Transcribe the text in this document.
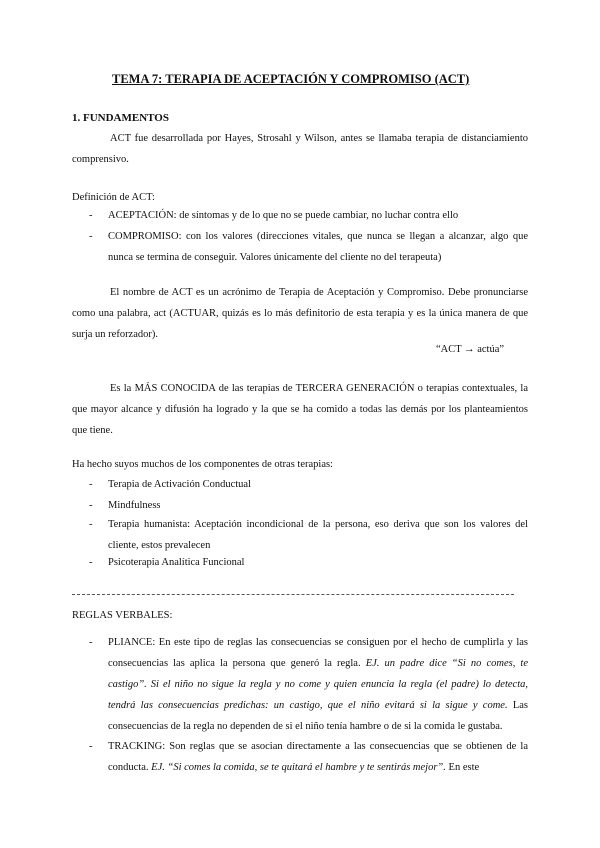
TEMA 7: TERAPIA DE ACEPTACIÓN Y COMPROMISO (ACT)
1. FUNDAMENTOS
ACT fue desarrollada por Hayes, Strosahl y Wilson, antes se llamaba terapia de distanciamiento comprensivo.
Definición de ACT:
- ACEPTACIÓN: de síntomas y de lo que no se puede cambiar, no luchar contra ello
- COMPROMISO: con los valores (direcciones vitales, que nunca se llegan a alcanzar, algo que nunca se termina de conseguir. Valores únicamente del cliente no del terapeuta)
El nombre de ACT es un acrónimo de Terapia de Aceptación y Compromiso. Debe pronunciarse como una palabra, act (ACTUAR, quizás es lo más definitorio de esta terapia y es la única manera de que surja un reforzador).
“ACT → actúa”
Es la MÁS CONOCIDA de las terapias de TERCERA GENERACIÓN o terapias contextuales, la que mayor alcance y difusión ha logrado y la que se ha comido a todas las demás por los planteamientos que tiene.
Ha hecho suyos muchos de los componentes de otras terapias:
- Terapia de Activación Conductual
- Mindfulness
- Terapia humanista: Aceptación incondicional de la persona, eso deriva que son los valores del cliente, estos prevalecen
- Psicoterapia Analítica Funcional
REGLAS VERBALES:
- PLIANCE: En este tipo de reglas las consecuencias se consiguen por el hecho de cumplirla y las consecuencias las aplica la persona que generó la regla. EJ. un padre dice “Si no comes, te castigo”. Si el niño no sigue la regla y no come y quien enuncia la regla (el padre) lo detecta, tendrá las consecuencias predichas: un castigo, que el niño evitará si la sigue y come. Las consecuencias de la regla no dependen de si el niño tenía hambre o de si la comida le gustaba.
- TRACKING: Son reglas que se asocian directamente a las consecuencias que se obtienen de la conducta. EJ. “Si comes la comida, se te quitará el hambre y te sentirás mejor”. En este
